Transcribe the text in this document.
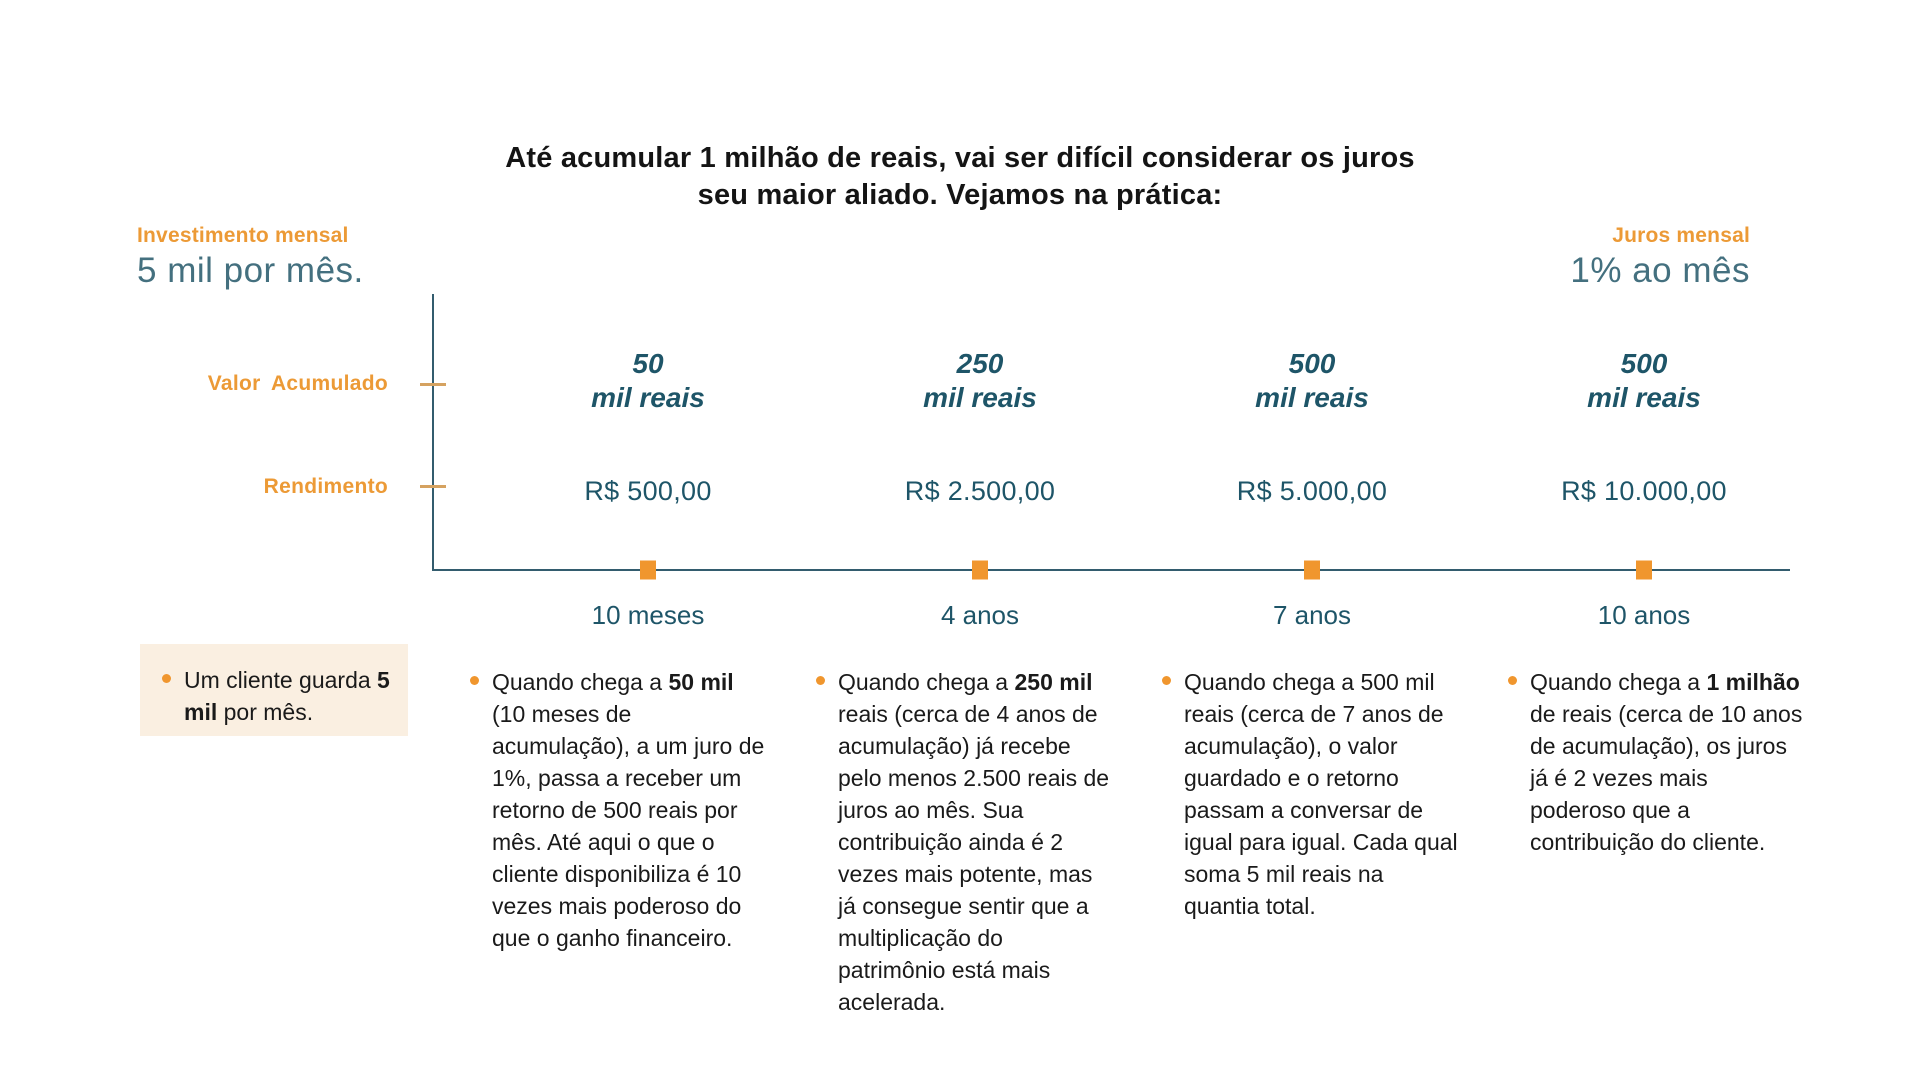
Até acumular 1 milhão de reais, vai ser difícil considerar os juros seu maior aliado. Vejamos na prática:
Investimento mensal
5 mil por mês.
Juros mensal
1% ao mês
Valor Acumulado
Rendimento
50
mil reais
R$ 500,00
10 meses
Quando chega a 50 mil (10 meses de acumulação), a um juro de 1%, passa a receber um retorno de 500 reais por mês. Até aqui o que o cliente disponibiliza é 10 vezes mais poderoso do que o ganho financeiro.
250
mil reais
R$ 2.500,00
4 anos
Quando chega a 250 mil reais (cerca de 4 anos de acumulação) já recebe pelo menos 2.500 reais de juros ao mês. Sua contribuição ainda é 2 vezes mais potente, mas já consegue sentir que a multiplicação do patrimônio está mais acelerada.
500
mil reais
R$ 5.000,00
7 anos
Quando chega a 500 mil reais (cerca de 7 anos de acumulação), o valor guardado e o retorno passam a conversar de igual para igual. Cada qual soma 5 mil reais na quantia total.
500
mil reais
R$ 10.000,00
10 anos
Quando chega a 1 milhão de reais (cerca de 10 anos de acumulação), os juros já é 2 vezes mais poderoso que a contribuição do cliente.
Um cliente guarda 5 mil por mês.
